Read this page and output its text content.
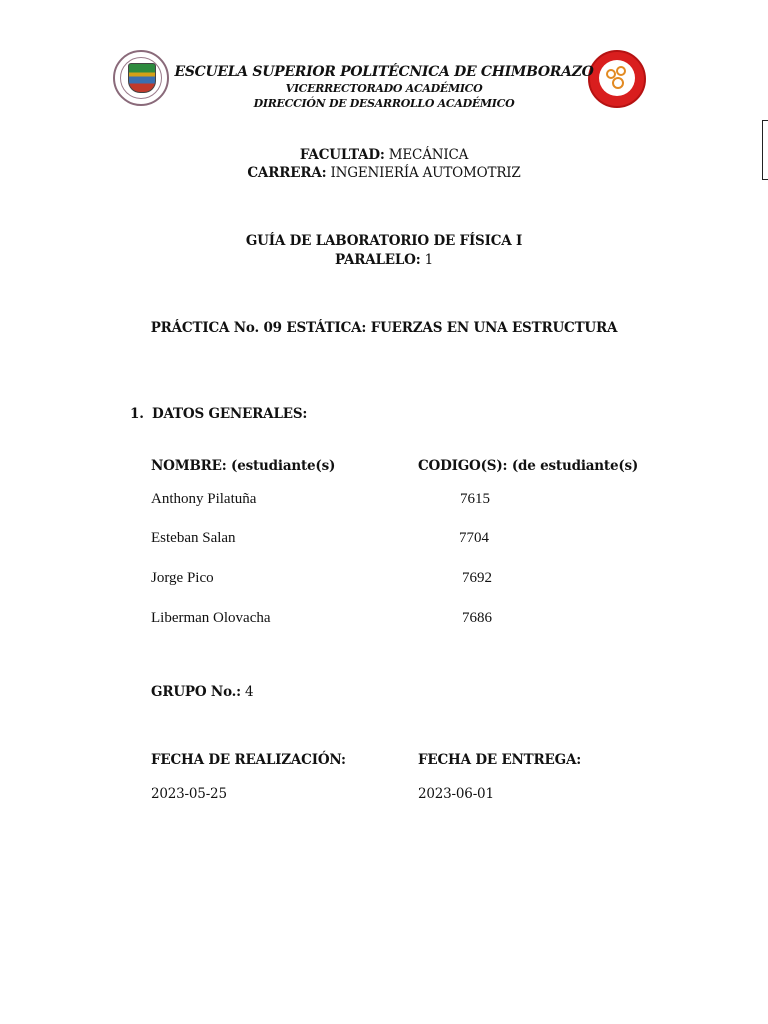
ESCUELA SUPERIOR POLITÉCNICA DE CHIMBORAZO
VICERRECTORADO ACADÉMICO
DIRECCIÓN DE DESARROLLO ACADÉMICO
FACULTAD: MECÁNICA
CARRERA: INGENIERÍA AUTOMOTRIZ
GUÍA DE LABORATORIO DE FÍSICA I
PARALELO: 1
PRÁCTICA No. 09 ESTÁTICA: FUERZAS EN UNA ESTRUCTURA
1. DATOS GENERALES:
NOMBRE: (estudiante(s)	CODIGO(S): (de estudiante(s)
Anthony Pilatuña	7615
Esteban Salan	7704
Jorge Pico	7692
Liberman Olovacha	7686
GRUPO No.: 4
FECHA DE REALIZACIÓN:	FECHA DE ENTREGA:
2023-05-25	2023-06-01
